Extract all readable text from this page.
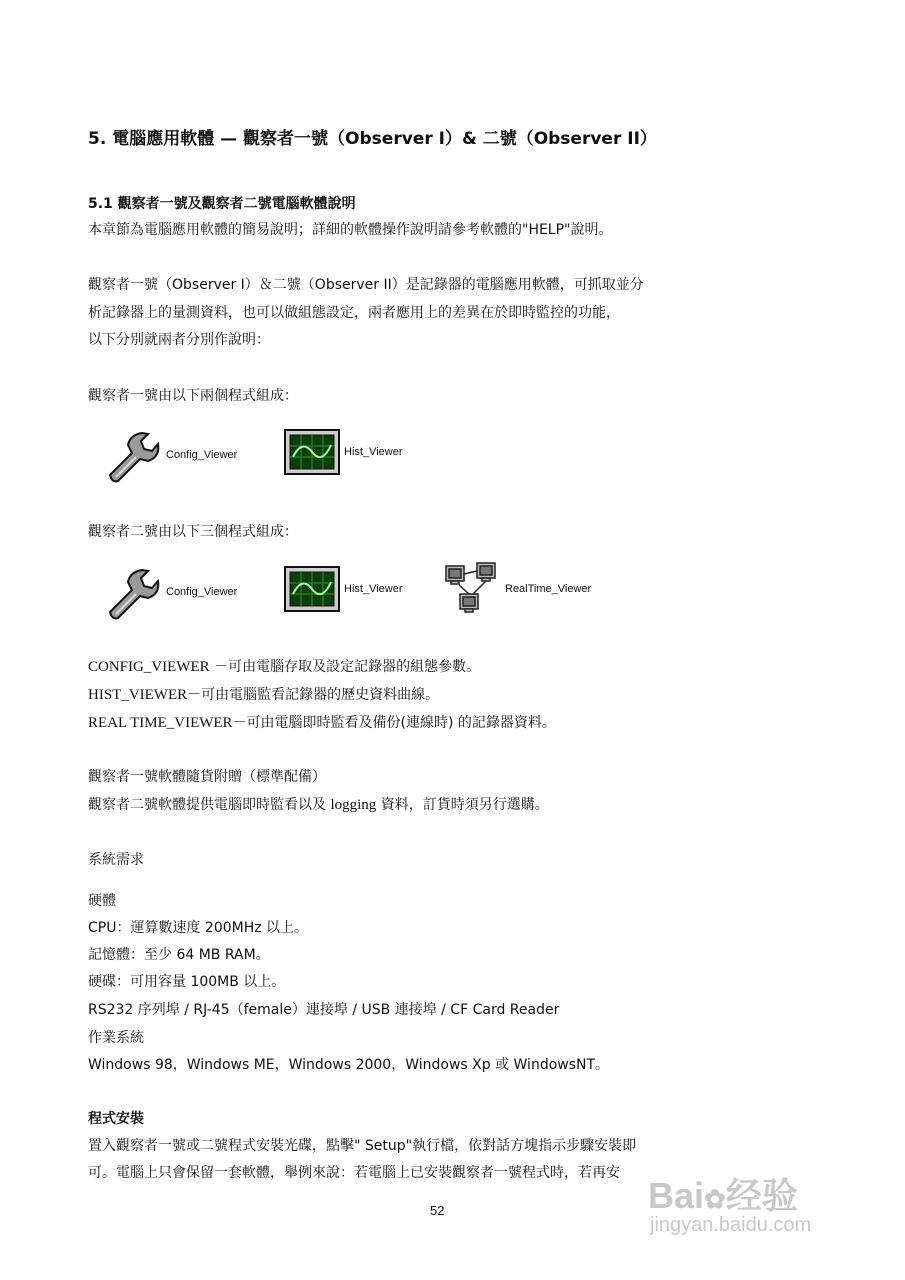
5. 電腦應用軟體 — 觀察者一號（Observer I）& 二號（Observer II）
5.1 觀察者一號及觀察者二號電腦軟體說明
本章節為電腦應用軟體的簡易說明；詳細的軟體操作說明請參考軟體的"HELP"說明。
觀察者一號（Observer I）＆二號（Observer II）是記錄器的電腦應用軟體，可抓取並分
析記錄器上的量測資料，也可以做組態設定，兩者應用上的差異在於即時監控的功能，
以下分別就兩者分別作說明：
觀察者一號由以下兩個程式組成：
Config_Viewer	Hist_Viewer
觀察者二號由以下三個程式組成：
Config_Viewer	Hist_Viewer	RealTime_Viewer
CONFIG_VIEWER －可由電腦存取及設定記錄器的組態參數。
HIST_VIEWER－可由電腦監看記錄器的歷史資料曲線。
REAL TIME_VIEWER－可由電腦即時監看及備份(連線時) 的記錄器資料。
觀察者一號軟體隨貨附贈（標準配備）
觀察者二號軟體提供電腦即時監看以及 logging 資料，訂貨時須另行選購。
系統需求
硬體
CPU：運算數速度 200MHz 以上。
記憶體：至少 64 MB RAM。
硬碟：可用容量 100MB 以上。
RS232 序列埠 / RJ-45（female）連接埠 / USB 連接埠 / CF Card Reader
作業系統
Windows 98，Windows ME，Windows 2000，Windows Xp 或 WindowsNT。
程式安裝
置入觀察者一號或二號程式安裝光碟，點擊" Setup"執行檔，依對話方塊指示步驟安裝即
可。電腦上只會保留一套軟體，舉例來說：若電腦上已安裝觀察者一號程式時，若再安
52	Bai✿经验
jingyan.baidu.com
